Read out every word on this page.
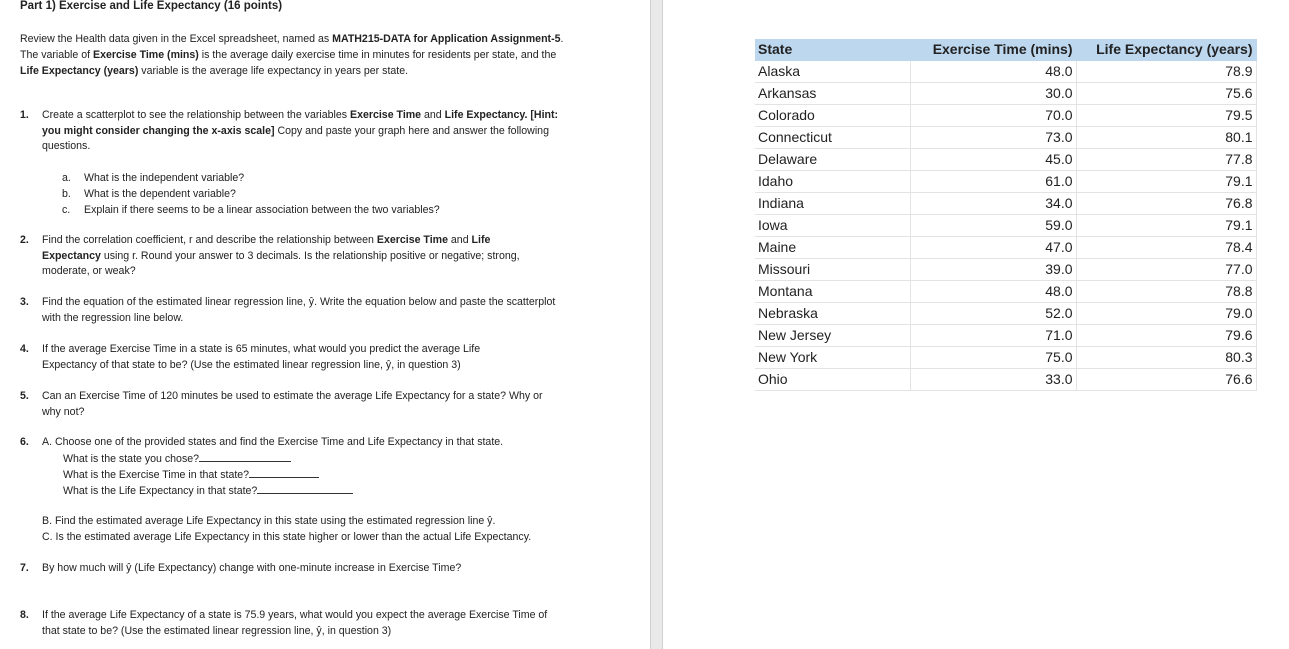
Part 1) Exercise and Life Expectancy (16 points)
Review the Health data given in the Excel spreadsheet, named as MATH215-DATA for Application Assignment-5. The variable of Exercise Time (mins) is the average daily exercise time in minutes for residents per state, and the Life Expectancy (years) variable is the average life expectancy in years per state.
1.	Create a scatterplot to see the relationship between the variables Exercise Time and Life Expectancy. [Hint: you might consider changing the x-axis scale] Copy and paste your graph here and answer the following questions.
a.	What is the independent variable?
b.	What is the dependent variable?
c.	Explain if there seems to be a linear association between the two variables?
2.	Find the correlation coefficient, r and describe the relationship between Exercise Time and Life Expectancy using r. Round your answer to 3 decimals. Is the relationship positive or negative; strong, moderate, or weak?
3.	Find the equation of the estimated linear regression line, ŷ. Write the equation below and paste the scatterplot with the regression line below.
4.	If the average Exercise Time in a state is 65 minutes, what would you predict the average Life Expectancy of that state to be? (Use the estimated linear regression line, ŷ, in question 3)
5.	Can an Exercise Time of 120 minutes be used to estimate the average Life Expectancy for a state? Why or why not?
6.	A. Choose one of the provided states and find the Exercise Time and Life Expectancy in that state.
What is the state you chose?
What is the Exercise Time in that state?
What is the Life Expectancy in that state?
B. Find the estimated average Life Expectancy in this state using the estimated regression line ŷ.
C. Is the estimated average Life Expectancy in this state higher or lower than the actual Life Expectancy.
7.	By how much will ŷ (Life Expectancy) change with one-minute increase in Exercise Time?
8.	If the average Life Expectancy of a state is 75.9 years, what would you expect the average Exercise Time of that state to be? (Use the estimated linear regression line, ŷ, in question 3)
State	Exercise Time (mins)	Life Expectancy (years)
Alaska	48.0	78.9
Arkansas	30.0	75.6
Colorado	70.0	79.5
Connecticut	73.0	80.1
Delaware	45.0	77.8
Idaho	61.0	79.1
Indiana	34.0	76.8
Iowa	59.0	79.1
Maine	47.0	78.4
Missouri	39.0	77.0
Montana	48.0	78.8
Nebraska	52.0	79.0
New Jersey	71.0	79.6
New York	75.0	80.3
Ohio	33.0	76.6
